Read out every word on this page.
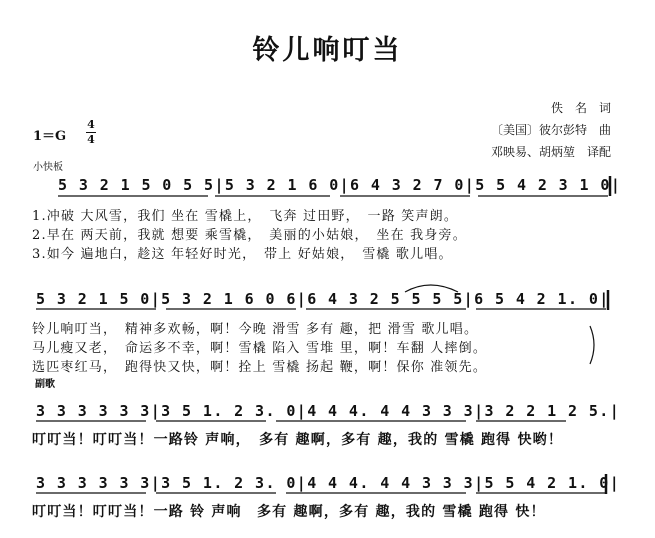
铃儿响叮当
佚　名　词
〔美国〕彼尔彭特　曲
邓映易、胡炳堃　译配
1＝G
4
4
小快板
5 3 2 1 5 0 5 5|5 3 2 1 6 0|6 4 3 2 7 0|5 5 4 2 3 1 0|
1.冲破 大风雪，我们 坐在 雪橇上，　飞奔 过田野，　一路 笑声朗。
2.早在 两天前，我就 想要 乘雪橇，　美丽的小姑娘，　坐在 我身旁。
3.如今 遍地白，趁这 年轻好时光，　带上 好姑娘，　雪橇 歌儿唱。
5 3 2 1 5 0|5 3 2 1 6 0 6|6 4 3 2 5 5 5 5|6 5 4 2 1. 0|
铃儿响叮当，　精神多欢畅，啊！今晚 滑雪 多有 趣，把 滑雪 歌儿唱。
马儿瘦又老，　命运多不幸，啊！雪橇 陷入 雪堆 里，啊！车翻 人摔倒。
选匹枣红马，　跑得快又快，啊！拴上 雪橇 扬起 鞭，啊！保你 准领先。
副歌
3 3 3 3 3 3|3 5 1. 2 3. 0|4 4 4. 4 4 3 3 3|3 2 2 1 2 5.|
叮叮当！叮叮当！一路铃 声响，　多有 趣啊，多有 趣，我的 雪橇 跑得 快哟！
3 3 3 3 3 3|3 5 1. 2 3. 0|4 4 4. 4 4 3 3 3|5 5 4 2 1. 0|
叮叮当！叮叮当！一路 铃 声响　多有 趣啊，多有 趣，我的 雪橇 跑得 快！
